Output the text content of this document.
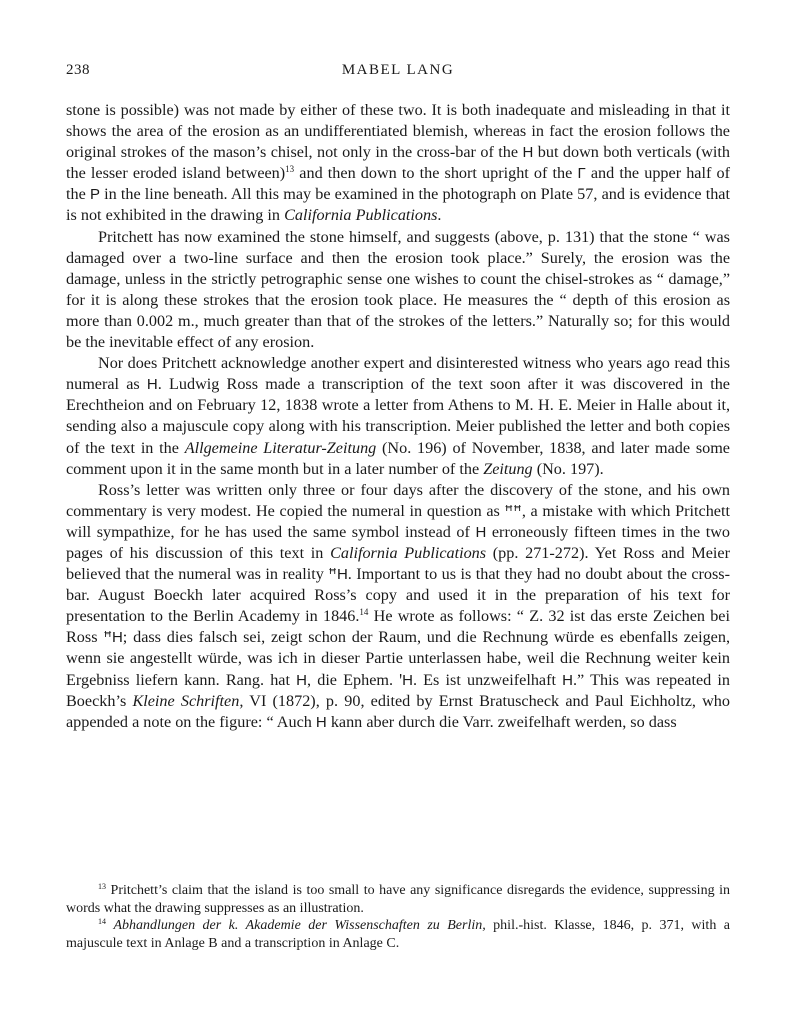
238	MABEL LANG

stone is possible) was not made by either of these two. It is both inadequate and misleading in that it shows the area of the erosion as an undifferentiated blemish, whereas in fact the erosion follows the original strokes of the mason’s chisel, not only in the cross-bar of the H but down both verticals (with the lesser eroded island between)$^{13}$ and then down to the short upright of the Γ and the upper half of the P in the line beneath. All this may be examined in the photograph on Plate 57, and is evidence that is not exhibited in the drawing in California Publications.

Pritchett has now examined the stone himself, and suggests (above, p. 131) that the stone “ was damaged over a two-line surface and then the erosion took place.” Surely, the erosion was the damage, unless in the strictly petrographic sense one wishes to count the chisel-strokes as “ damage,” for it is along these strokes that the erosion took place. He measures the “ depth of this erosion as more than 0.002 m., much greater than that of the strokes of the letters.” Naturally so; for this would be the inevitable effect of any erosion.

Nor does Pritchett acknowledge another expert and disinterested witness who years ago read this numeral as H. Ludwig Ross made a transcription of the text soon after it was discovered in the Erechtheion and on February 12, 1838 wrote a letter from Athens to M. H. E. Meier in Halle about it, sending also a majuscule copy along with his transcription. Meier published the letter and both copies of the text in the Allgemeine Literatur-Zeitung (No. 196) of November, 1838, and later made some comment upon it in the same month but in a later number of the Zeitung (No. 197).

Ross’s letter was written only three or four days after the discovery of the stone, and his own commentary is very modest. He copied the numeral in question as ꟸꟸ, a mistake with which Pritchett will sympathize, for he has used the same symbol instead of H erroneously fifteen times in the two pages of his discussion of this text in California Publications (pp. 271-272). Yet Ross and Meier believed that the numeral was in reality ꟸH. Important to us is that they had no doubt about the cross-bar. August Boeckh later acquired Ross’s copy and used it in the preparation of his text for presentation to the Berlin Academy in 1846.14 He wrote as follows: “ Z. 32 ist das erste Zeichen bei Ross ꟸH; dass dies falsch sei, zeigt schon der Raum, und die Rechnung würde es ebenfalls zeigen, wenn sie angestellt würde, was ich in dieser Partie unterlassen habe, weil die Rechnung weiter kein Ergebniss liefern kann. Rang. hat H, die Ephem. ꞌH. Es ist unzweifelhaft H.” This was repeated in Boeckh’s Kleine Schriften, VI (1872), p. 90, edited by Ernst Bratuscheck and Paul Eichholtz, who appended a note on the figure: “ Auch H kann aber durch die Varr. zweifelhaft werden, so dass

$^{13}$ Pritchett’s claim that the island is too small to have any significance disregards the evidence, suppressing in words what the drawing suppresses as an illustration.

$^{14}$ Abhandlungen der k. Akademie der Wissenschaften zu Berlin, phil.-hist. Klasse, 1846, p. 371, with a majuscule text in Anlage B and a transcription in Anlage C.
